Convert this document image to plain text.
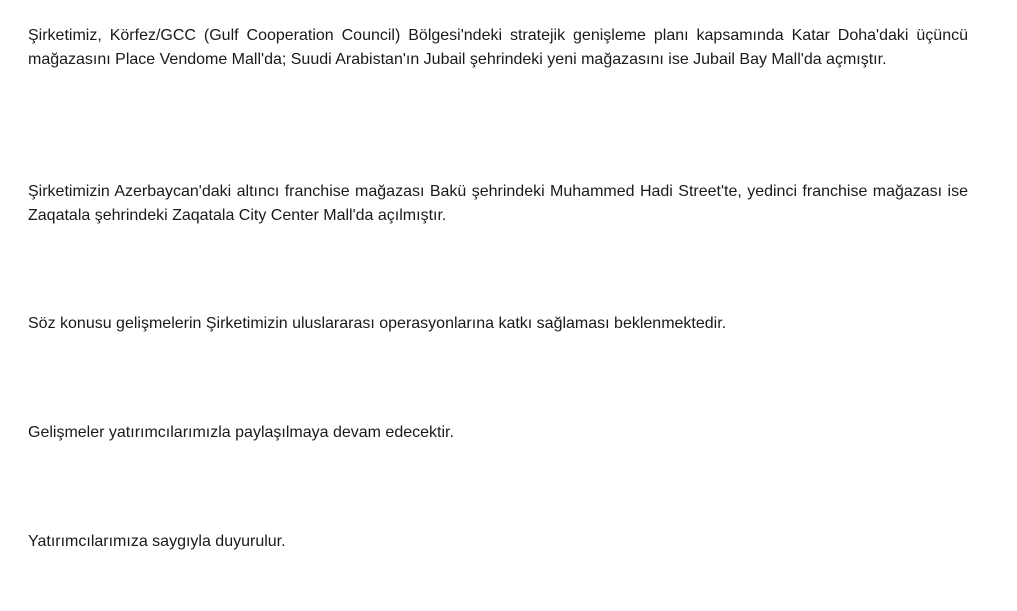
Şirketimiz, Körfez/GCC (Gulf Cooperation Council) Bölgesi'ndeki stratejik genişleme planı kapsamında Katar Doha'daki üçüncü mağazasını Place Vendome Mall'da; Suudi Arabistan'ın Jubail şehrindeki yeni mağazasını ise Jubail Bay Mall'da açmıştır.

Şirketimizin Azerbaycan'daki altıncı franchise mağazası Bakü şehrindeki Muhammed Hadi Street'te, yedinci franchise mağazası ise Zaqatala şehrindeki Zaqatala City Center Mall'da açılmıştır.

Söz konusu gelişmelerin Şirketimizin uluslararası operasyonlarına katkı sağlaması beklenmektedir.

Gelişmeler yatırımcılarımızla paylaşılmaya devam edecektir.

Yatırımcılarımıza saygıyla duyurulur.
